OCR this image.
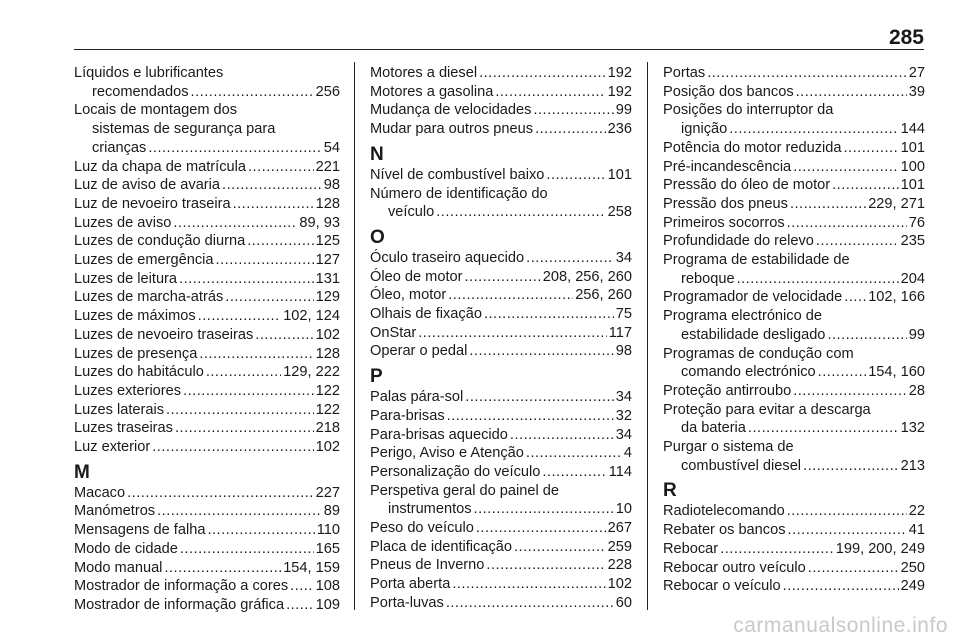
285
Líquidos e lubrificantes
recomendados .....	256
Locais de montagem dos
sistemas de segurança para
crianças .....	54
Luz da chapa de matrícula .....	221
Luz de aviso de avaria .....	98
Luz de nevoeiro traseira .....	128
Luzes de aviso .....	89, 93
Luzes de condução diurna .....	125
Luzes de emergência .....	127
Luzes de leitura .....	131
Luzes de marcha-atrás .....	129
Luzes de máximos .....	102, 124
Luzes de nevoeiro traseiras .....	102
Luzes de presença .....	128
Luzes do habitáculo .....	129, 222
Luzes exteriores .....	122
Luzes laterais .....	122
Luzes traseiras .....	218
Luz exterior .....	102
M
Macaco .....	227
Manómetros .....	89
Mensagens de falha .....	110
Modo de cidade .....	165
Modo manual .....	154, 159
Mostrador de informação a cores ..... 108
Mostrador de informação gráfica ..... 109
Motores a diesel .....	192
Motores a gasolina .....	192
Mudança de velocidades .....	99
Mudar para outros pneus .....	236
N
Nível de combustível baixo .....	101
Número de identificação do
veículo .....	258
O
Óculo traseiro aquecido .....	34
Óleo de motor .....	208, 256, 260
Óleo, motor .....	256, 260
Olhais de fixação .....	75
OnStar .....	117
Operar o pedal .....	98
P
Palas pára-sol .....	34
Para-brisas .....	32
Para-brisas aquecido .....	34
Perigo, Aviso e Atenção .....	4
Personalização do veículo .....	114
Perspetiva geral do painel de
instrumentos .....	10
Peso do veículo .....	267
Placa de identificação .....	259
Pneus de Inverno .....	228
Porta aberta .....	102
Porta-luvas .....	60
Portas .....	27
Posição dos bancos .....	39
Posições do interruptor da
ignição .....	144
Potência do motor reduzida .....	101
Pré-incandescência .....	100
Pressão do óleo de motor .....	101
Pressão dos pneus .....	229, 271
Primeiros socorros .....	76
Profundidade do relevo .....	235
Programa de estabilidade de
reboque .....	204
Programador de velocidade ..... 102, 166
Programa electrónico de
estabilidade desligado .....	99
Programas de condução com
comando electrónico .....	154, 160
Proteção antirroubo .....	28
Proteção para evitar a descarga
da bateria .....	132
Purgar o sistema de
combustível diesel .....	213
R
Radiotelecomando .....	22
Rebater os bancos .....	41
Rebocar .....	199, 200, 249
Rebocar outro veículo .....	250
Rebocar o veículo .....	249
carmanualsonline.info
